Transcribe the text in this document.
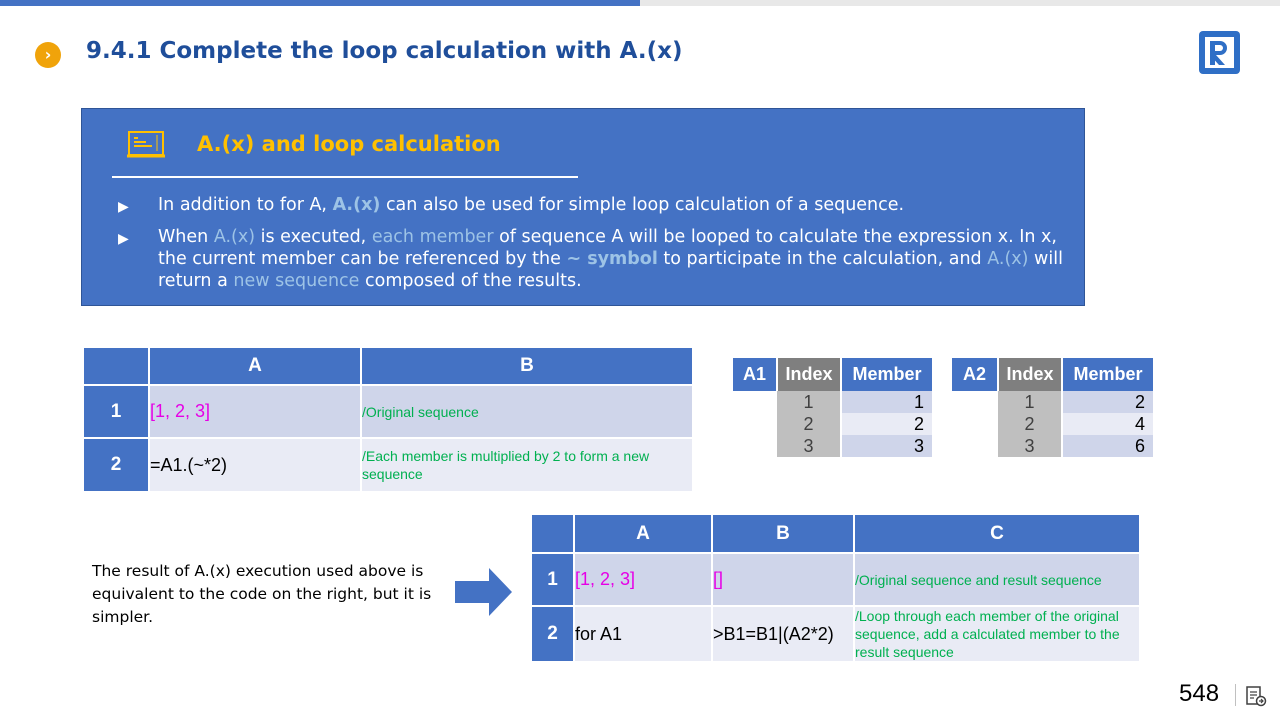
›	9.4.1 Complete the loop calculation with A.(x)
A.(x) and loop calculation
▶ In addition to for A, A.(x) can also be used for simple loop calculation of a sequence.
▶ When A.(x) is executed, each member of sequence A will be looped to calculate the expression x. In x, the current member can be referenced by the ~ symbol to participate in the calculation, and A.(x) will return a new sequence composed of the results.
	A	B
1	[1, 2, 3]	/Original sequence
2	=A1.(~*2)	/Each member is multiplied by 2 to form a new sequence
A1	Index	Member
	1	1
	2	2
	3	3
A2	Index	Member
	1	2
	2	4
	3	6
The result of A.(x) execution used above is equivalent to the code on the right, but it is simpler.
	A	B	C
1	[1, 2, 3]	[]	/Original sequence and result sequence
2	for A1	>B1=B1|(A2*2)	/Loop through each member of the original sequence, add a calculated member to the result sequence
548
